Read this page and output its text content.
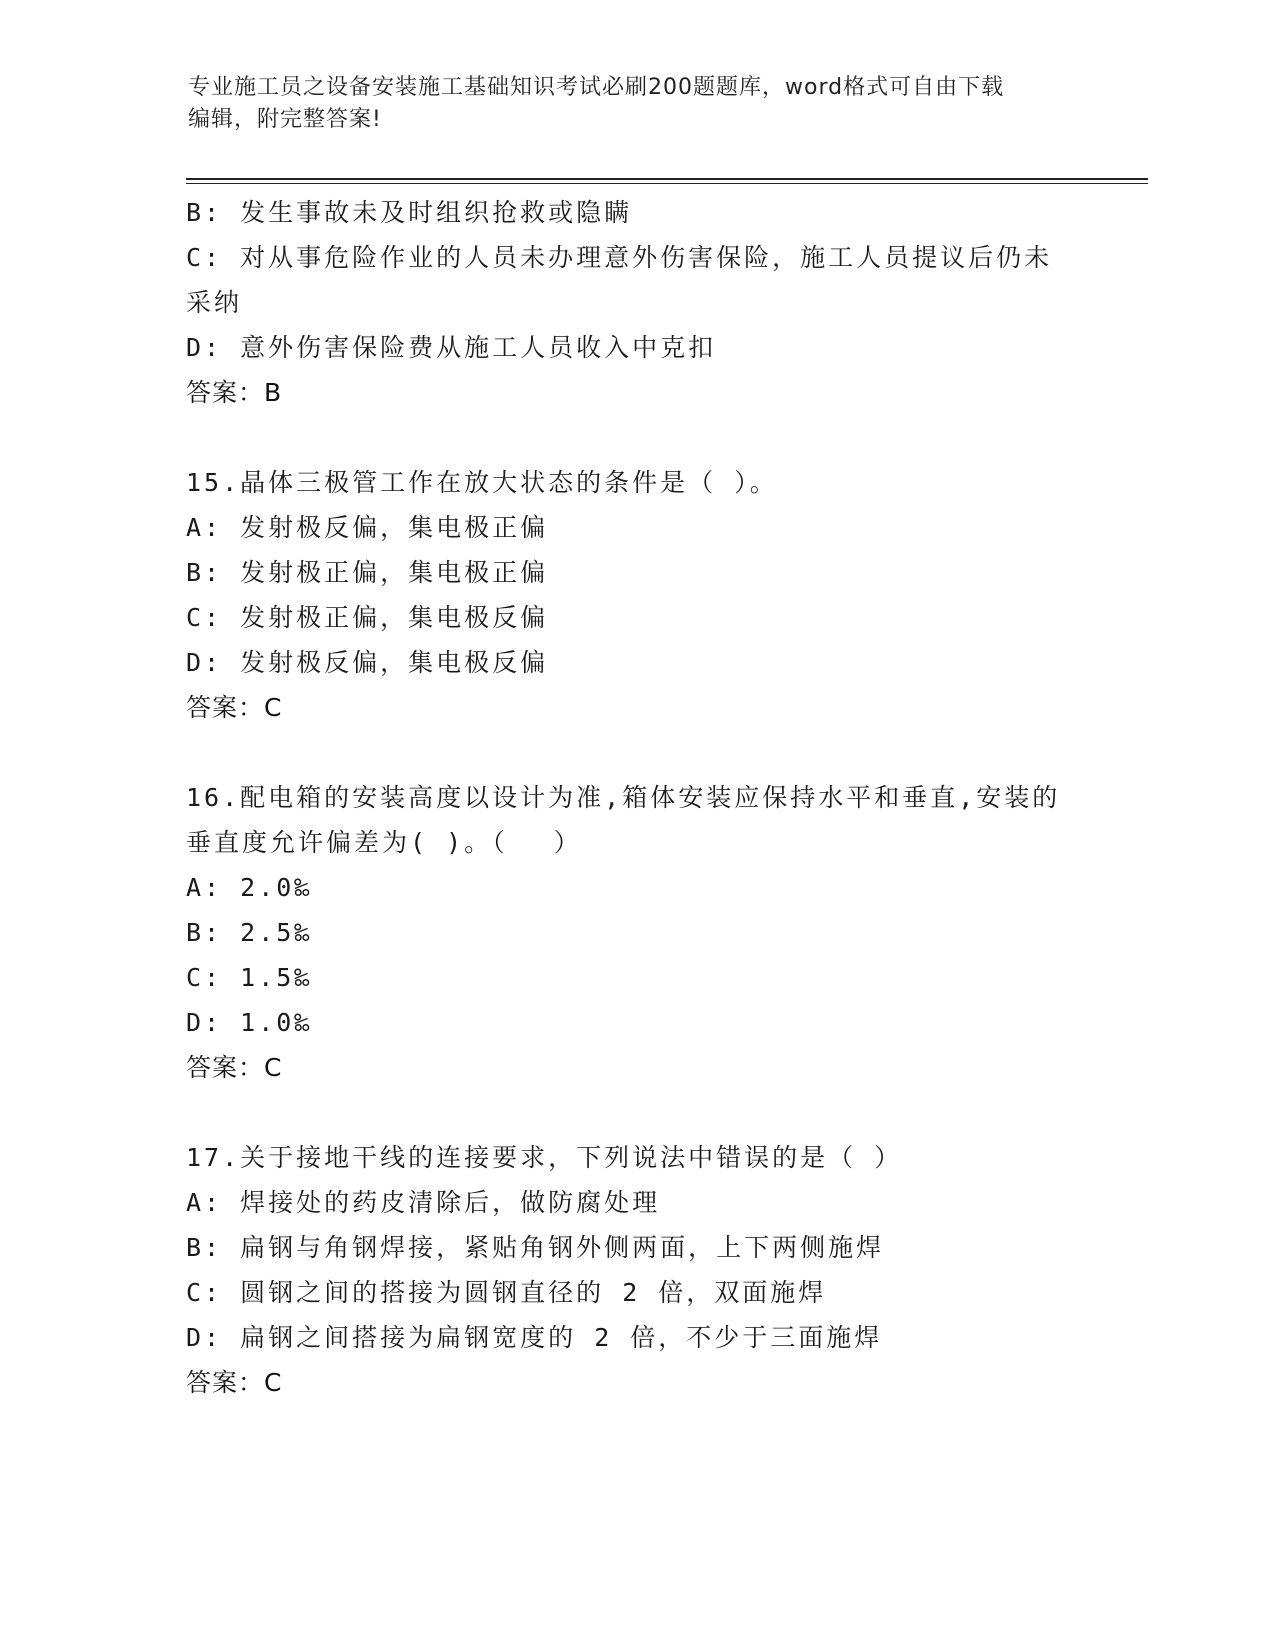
专业施工员之设备安装施工基础知识考试必刷200题题库，word格式可自由下载
编辑，附完整答案!
B: 发生事故未及时组织抢救或隐瞒
C: 对从事危险作业的人员未办理意外伤害保险，施工人员提议后仍未
采纳
D: 意外伤害保险费从施工人员收入中克扣
答案：B
15.晶体三极管工作在放大状态的条件是（ ）。
A: 发射极反偏，集电极正偏
B: 发射极正偏，集电极正偏
C: 发射极正偏，集电极反偏
D: 发射极反偏，集电极反偏
答案：C
16.配电箱的安装高度以设计为准,箱体安装应保持水平和垂直,安装的
垂直度允许偏差为( )。（　 ）
A: 2.0‰
B: 2.5‰
C: 1.5‰
D: 1.0‰
答案：C
17.关于接地干线的连接要求，下列说法中错误的是（ ）
A: 焊接处的药皮清除后，做防腐处理
B: 扁钢与角钢焊接，紧贴角钢外侧两面，上下两侧施焊
C: 圆钢之间的搭接为圆钢直径的 2 倍，双面施焊
D: 扁钢之间搭接为扁钢宽度的 2 倍，不少于三面施焊
答案：C
